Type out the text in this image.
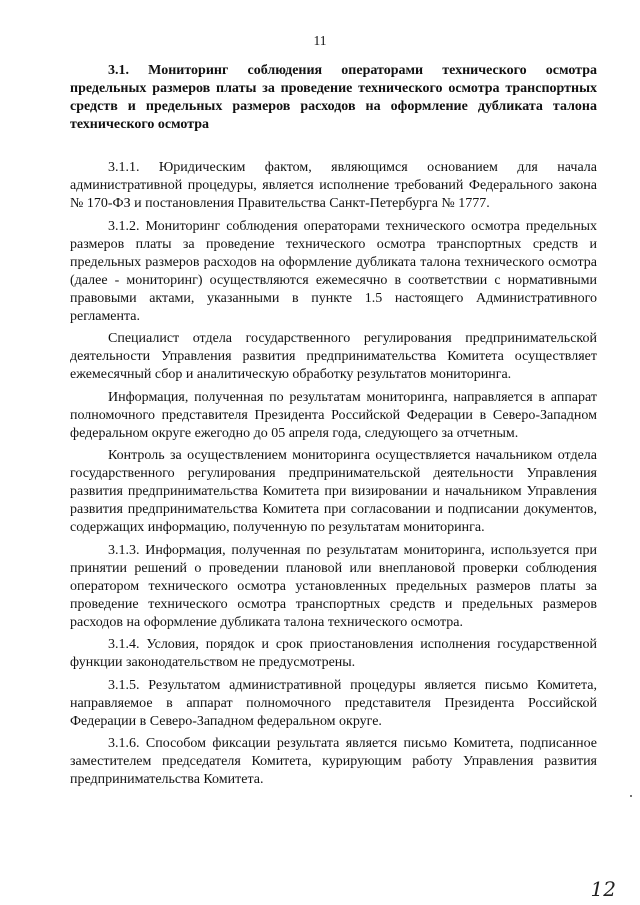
11

3.1. Мониторинг соблюдения операторами технического осмотра предельных размеров платы за проведение технического осмотра транспортных средств и предельных размеров расходов на оформление дубликата талона технического осмотра

3.1.1. Юридическим фактом, являющимся основанием для начала административной процедуры, является исполнение требований Федерального закона № 170-ФЗ и постановления Правительства Санкт-Петербурга № 1777.

3.1.2. Мониторинг соблюдения операторами технического осмотра предельных размеров платы за проведение технического осмотра транспортных средств и предельных размеров расходов на оформление дубликата талона технического осмотра (далее - мониторинг) осуществляются ежемесячно в соответствии с нормативными правовыми актами, указанными в пункте 1.5 настоящего Административного регламента.

Специалист отдела государственного регулирования предпринимательской деятельности Управления развития предпринимательства Комитета осуществляет ежемесячный сбор и аналитическую обработку результатов мониторинга.

Информация, полученная по результатам мониторинга, направляется в аппарат полномочного представителя Президента Российской Федерации в Северо-Западном федеральном округе ежегодно до 05 апреля года, следующего за отчетным.

Контроль за осуществлением мониторинга осуществляется начальником отдела государственного регулирования предпринимательской деятельности Управления развития предпринимательства Комитета при визировании и начальником Управления развития предпринимательства Комитета при согласовании и подписании документов, содержащих информацию, полученную по результатам мониторинга.

3.1.3. Информация, полученная по результатам мониторинга, используется при принятии решений о проведении плановой или внеплановой проверки соблюдения оператором технического осмотра установленных предельных размеров платы за проведение технического осмотра транспортных средств и предельных размеров расходов на оформление дубликата талона технического осмотра.

3.1.4. Условия, порядок и срок приостановления исполнения государственной функции законодательством не предусмотрены.

3.1.5. Результатом административной процедуры является письмо Комитета, направляемое в аппарат полномочного представителя Президента Российской Федерации в Северо-Западном федеральном округе.

3.1.6. Способом фиксации результата является письмо Комитета, подписанное заместителем председателя Комитета, курирующим работу Управления развития предпринимательства Комитета.

12
